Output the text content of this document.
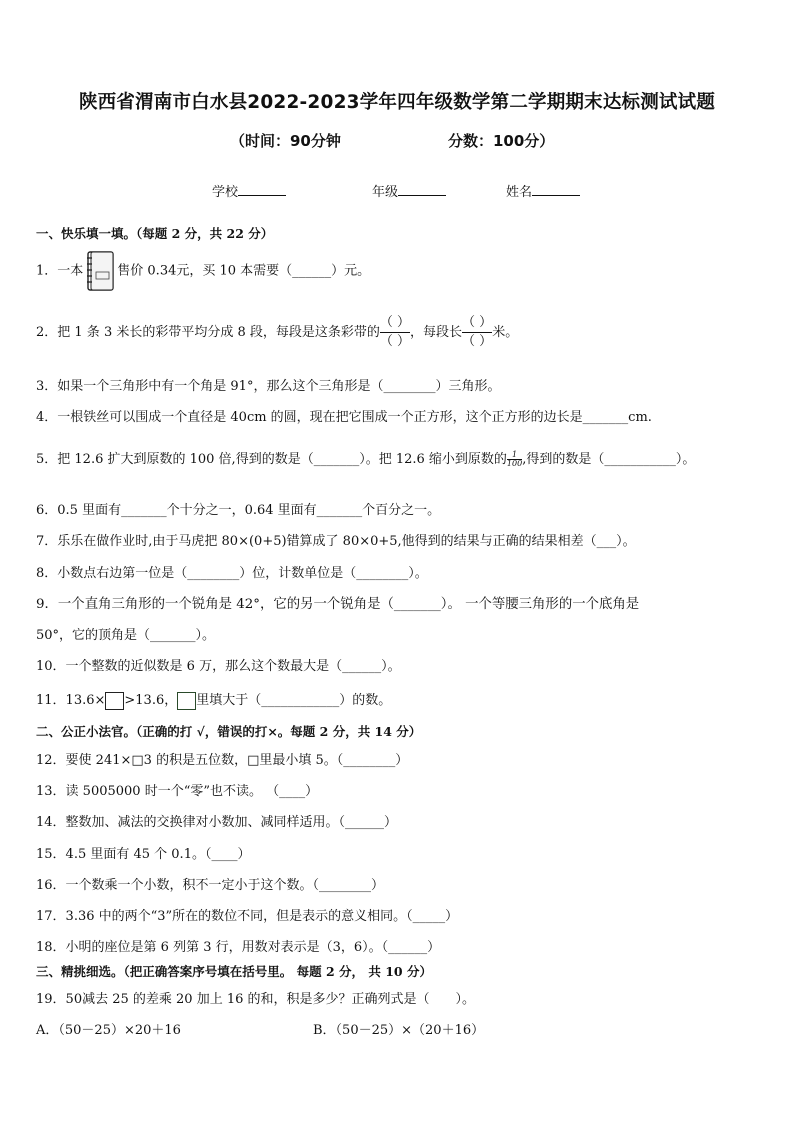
陕西省渭南市白水县2022-2023学年四年级数学第二学期期末达标测试试题
（时间：90分钟	分数：100分）
学校	年级	姓名
一、快乐填一填。（每题 2 分，共 22 分）
1．一本	售价 0.34元，买 10 本需要（______）元。
2．把 1 条 3 米长的彩带平均分成 8 段，每段是这条彩带的
（ ）
（ ）
，每段长
（ ）
（ ）
米。
3．如果一个三角形中有一个角是 91°，那么这个三角形是（________）三角形。
4．一根铁丝可以围成一个直径是 40cm 的圆，现在把它围成一个正方形，这个正方形的边长是_______cm.
5．把 12.6 扩大到原数的 100 倍,得到的数是（_______）。把 12.6 缩小到原数的 $\frac{1}{100}$ ,得到的数是（___________）。
6．0.5 里面有_______个十分之一，0.64 里面有_______个百分之一。
7．乐乐在做作业时,由于马虎把 80×(0+5)错算成了 80×0+5,他得到的结果与正确的结果相差（___）。
8．小数点右边第一位是（________）位，计数单位是（________）。
9．一个直角三角形的一个锐角是 42°，它的另一个锐角是（_______）。 一个等腰三角形的一个底角是
50°，它的顶角是（_______）。
10．一个整数的近似数是 6 万，那么这个数最大是（______）。
11．13.6× >13.6， 里填大于（____________）的数。
二、公正小法官。（正确的打 √，错误的打×。每题 2 分，共 14 分）
12．要使 241×□3 的积是五位数，□里最小填 5。（________）
13．读 5005000 时一个“零”也不读。 （____）
14．整数加、减法的交换律对小数加、减同样适用。（______）
15．4.5 里面有 45 个 0.1。（____）
16．一个数乘一个小数，积不一定小于这个数。（________）
17．3.36 中的两个“3”所在的数位不同，但是表示的意义相同。（_____）
18．小明的座位是第 6 列第 3 行，用数对表示是（3，6）。（______）
三、精挑细选。（把正确答案序号填在括号里。 每题 2 分， 共 10 分）
19．50减去 25 的差乘 20 加上 16 的和，积是多少？正确列式是（　　）。
A．（50－25）×20＋16	B．（50－25）×（20＋16）
